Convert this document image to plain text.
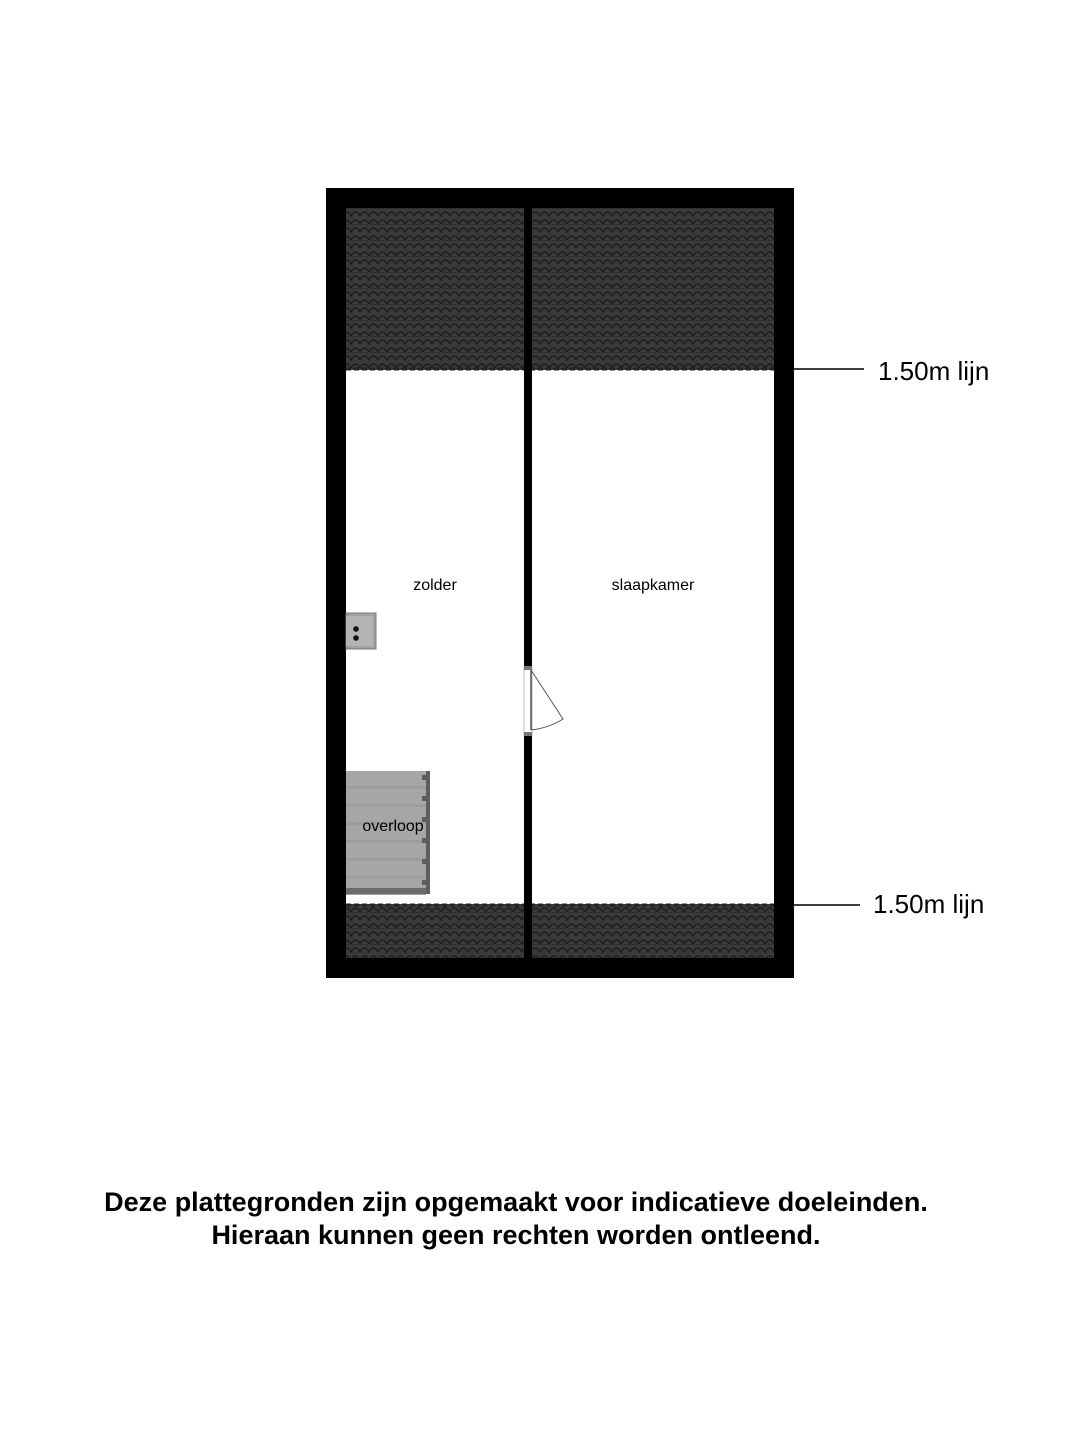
zolder	slaapkamer
overloop
1.50m lijn
1.50m lijn
Deze plattegronden zijn opgemaakt voor indicatieve doeleinden.
Hieraan kunnen geen rechten worden ontleend.
